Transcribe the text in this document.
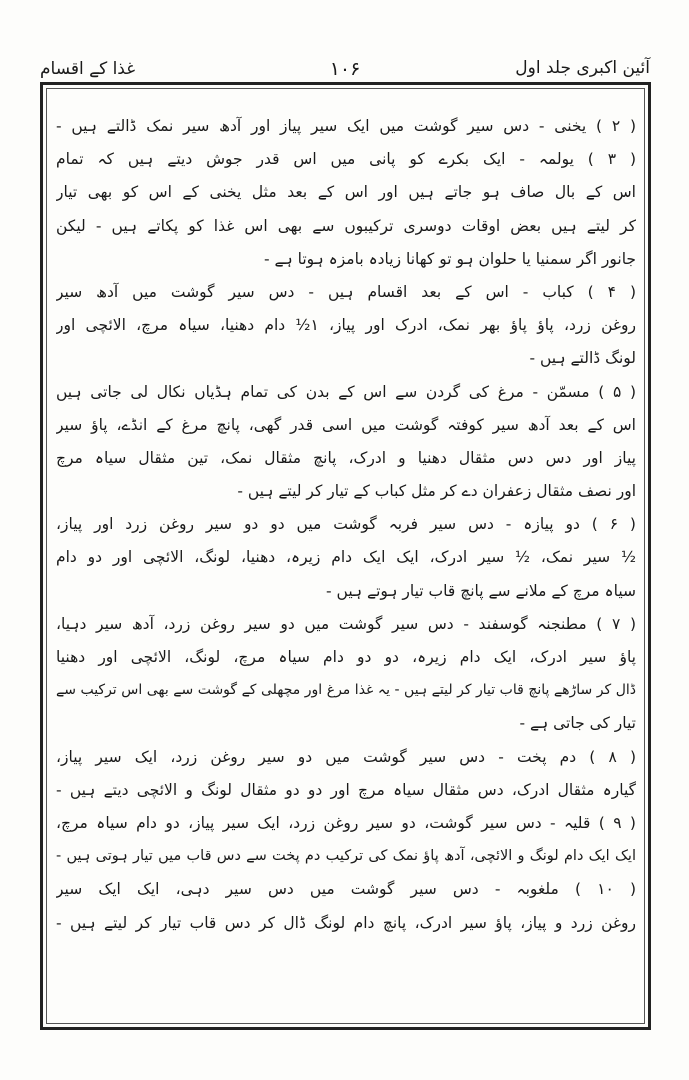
آئین اکبری جلد اول
۱۰۶
غذا کے اقسام
( ۲ ) یخنی - دس سیر گوشت میں ایک سیر پیاز اور آدھ سیر نمک ڈالتے ہیں -
( ۳ ) یولمہ - ایک بکرے کو پانی میں اس قدر جوش دیتے ہیں کہ تمام
اس کے بال صاف ہو جاتے ہیں اور اس کے بعد مثل یخنی کے اس کو بھی تیار
کر لیتے ہیں بعض اوقات دوسری ترکیبوں سے بھی اس غذا کو پکاتے ہیں - لیکن
جانور اگر سمنیا یا حلوان ہو تو کھانا زیادہ بامزہ ہوتا ہے -
( ۴ ) کباب - اس کے بعد اقسام ہیں - دس سیر گوشت میں آدھ سیر
روغن زرد، پاؤ پاؤ بھر نمک، ادرک اور پیاز، ۱½ دام دھنیا، سیاہ مرچ، الائچی اور
لونگ ڈالتے ہیں -
( ۵ ) مسمّن - مرغ کی گردن سے اس کے بدن کی تمام ہڈیاں نکال لی جاتی ہیں
اس کے بعد آدھ سیر کوفتہ گوشت میں اسی قدر گھی، پانچ مرغ کے انڈے، پاؤ سیر
پیاز اور دس دس مثقال دھنیا و ادرک، پانچ مثقال نمک، تین مثقال سیاہ مرچ
اور نصف مثقال زعفران دے کر مثل کباب کے تیار کر لیتے ہیں -
( ۶ ) دو پیازہ - دس سیر فربہ گوشت میں دو دو سیر روغن زرد اور پیاز،
½ سیر نمک، ½ سیر ادرک، ایک ایک دام زیرہ، دھنیا، لونگ، الائچی اور دو دام
سیاہ مرچ کے ملانے سے پانچ قاب تیار ہوتے ہیں -
( ۷ ) مطنجنہ گوسفند - دس سیر گوشت میں دو سیر روغن زرد، آدھ سیر دہیا،
پاؤ سیر ادرک، ایک دام زیرہ، دو دو دام سیاہ مرچ، لونگ، الائچی اور دھنیا
ڈال کر ساڑھے پانچ قاب تیار کر لیتے ہیں - یہ غذا مرغ اور مچھلی کے گوشت سے بھی اس ترکیب سے
تیار کی جاتی ہے -
( ۸ ) دم پخت - دس سیر گوشت میں دو سیر روغن زرد، ایک سیر پیاز،
گیارہ مثقال ادرک، دس مثقال سیاہ مرچ اور دو دو مثقال لونگ و الائچی دیتے ہیں -
( ۹ ) قلیہ - دس سیر گوشت، دو سیر روغن زرد، ایک سیر پیاز، دو دام سیاہ مرچ،
ایک ایک دام لونگ و الائچی، آدھ پاؤ نمک کی ترکیب دم پخت سے دس قاب میں تیار ہوتی ہیں -
( ۱۰ ) ملغوبہ - دس سیر گوشت میں دس سیر دہی، ایک ایک سیر
روغن زرد و پیاز، پاؤ سیر ادرک، پانچ دام لونگ ڈال کر دس قاب تیار کر لیتے ہیں -
